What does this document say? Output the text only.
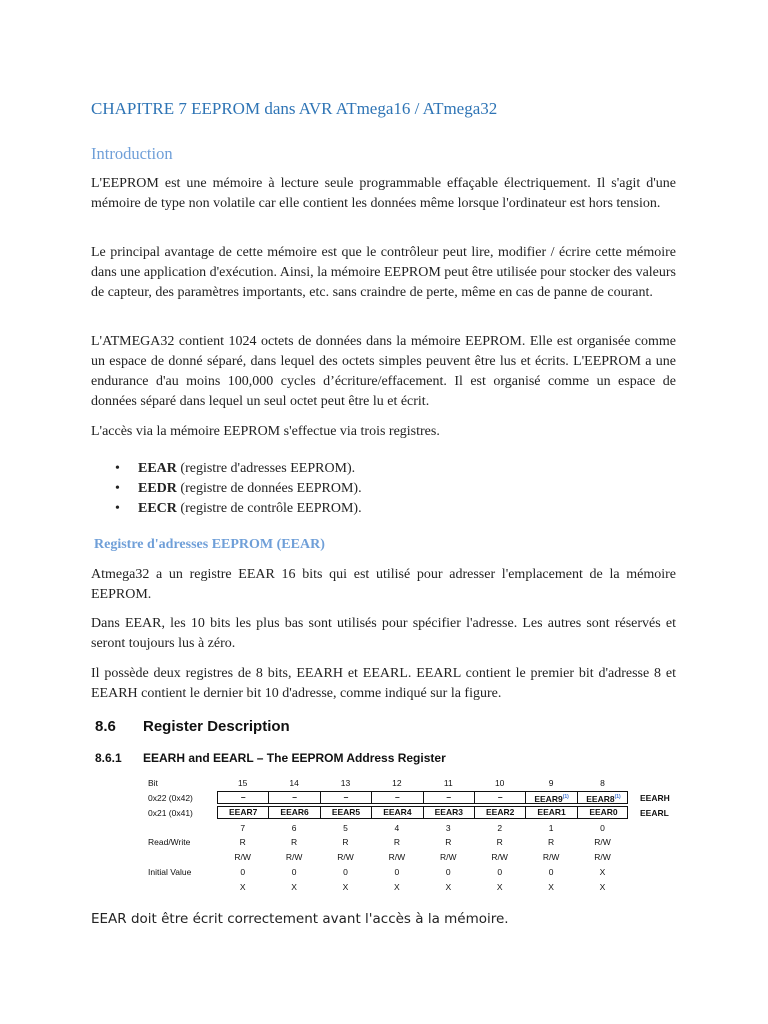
CHAPITRE 7 EEPROM dans AVR ATmega16 / ATmega32
Introduction

L'EEPROM est une mémoire à lecture seule programmable effaçable électriquement. Il s'agit d'une mémoire de type non volatile car elle contient les données même lorsque l'ordinateur est hors tension.

Le principal avantage de cette mémoire est que le contrôleur peut lire, modifier / écrire cette mémoire dans une application d'exécution. Ainsi, la mémoire EEPROM peut être utilisée pour stocker des valeurs de capteur, des paramètres importants, etc. sans craindre de perte, même en cas de panne de courant.

L'ATMEGA32 contient 1024 octets de données dans la mémoire EEPROM. Elle est organisée comme un espace de donné séparé, dans lequel des octets simples peuvent être lus et écrits. L'EEPROM a une endurance d'au moins 100,000 cycles d’écriture/effacement. Il est organisé comme un espace de données séparé dans lequel un seul octet peut être lu et écrit.

L'accès via la mémoire EEPROM s'effectue via trois registres.

• EEAR (registre d'adresses EEPROM).
• EEDR (registre de données EEPROM).
• EECR (registre de contrôle EEPROM).
Registre d'adresses EEPROM (EEAR)

Atmega32 a un registre EEAR 16 bits qui est utilisé pour adresser l'emplacement de la mémoire EEPROM.

Dans EEAR, les 10 bits les plus bas sont utilisés pour spécifier l'adresse. Les autres sont réservés et seront toujours lus à zéro.

Il possède deux registres de 8 bits, EEARH et EEARL. EEARL contient le premier bit d'adresse 8 et EEARH contient le dernier bit 10 d'adresse, comme indiqué sur la figure.

8.6 Register Description
8.6.1 EEARH and EEARL – The EEPROM Address Register
Bit	15	14	13	12	11	10	9	8
0x22 (0x42)	–	–	–	–	–	–	EEAR9$^{(1)}$	EEAR8$^{(1)}$	EEARH
0x21 (0x41)	EEAR7	EEAR6	EEAR5	EEAR4	EEAR3	EEAR2	EEAR1	EEAR0	EEARL
7	6	5	4	3	2	1	0
Read/Write	R	R	R	R	R	R	R	R/W
R/W	R/W	R/W	R/W	R/W	R/W	R/W	R/W
Initial Value	0	0	0	0	0	0	0	X
X	X	X	X	X	X	X	X

EEAR doit être écrit correctement avant l'accès à la mémoire.
